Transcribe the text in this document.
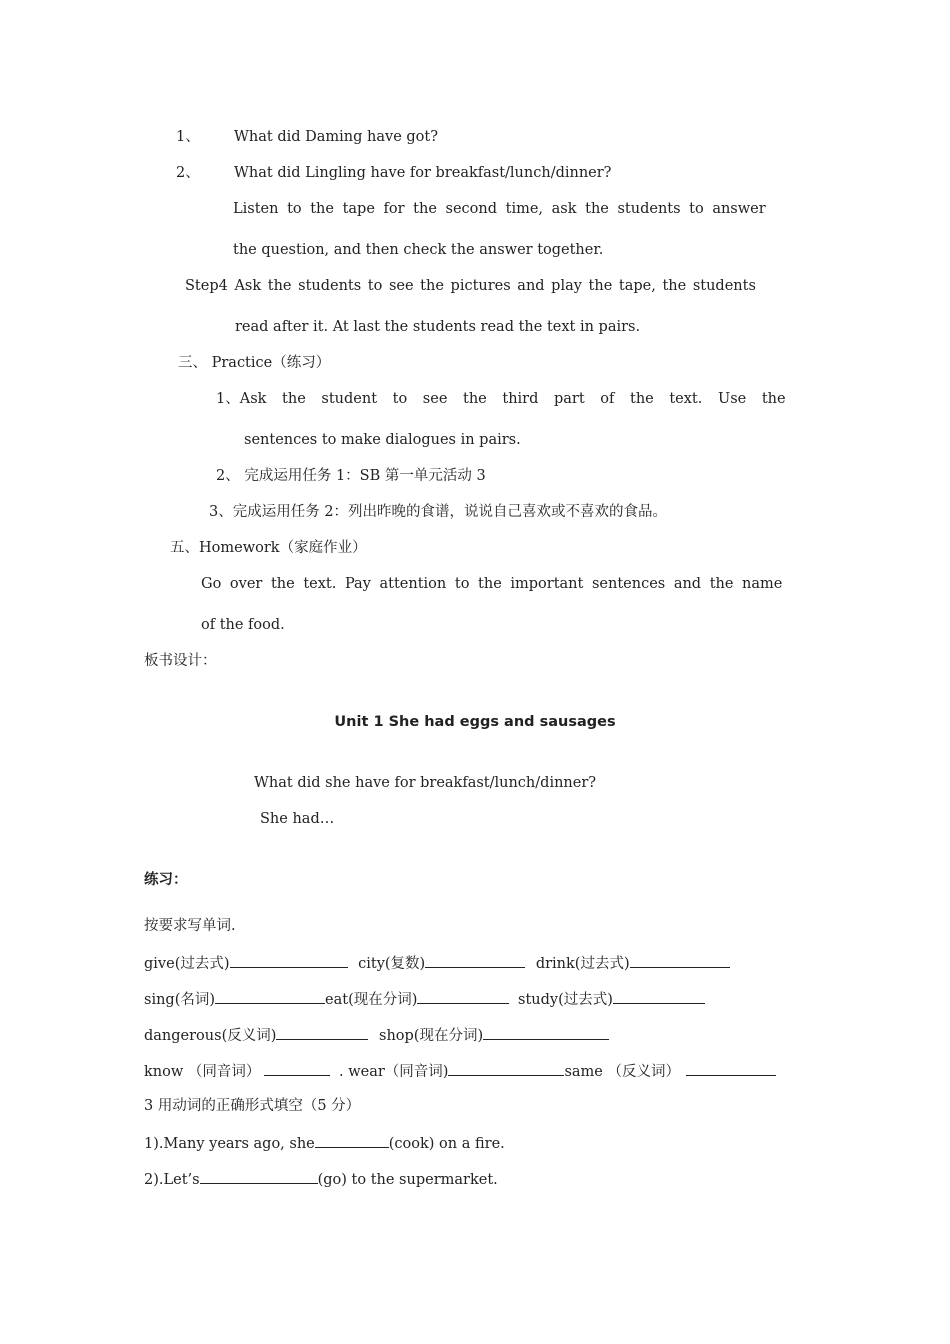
1、 What did Daming have got?
2、 What did Lingling have for breakfast/lunch/dinner?
Listen to the tape for the second time, ask the students to answer
the question, and then check the answer together.
Step4 Ask the students to see the pictures and play the tape, the students
read after it. At last the students read the text in pairs.
三、 Practice（练习）
1、Ask the student to see the third part of the text. Use the
sentences to make dialogues in pairs.
2、 完成运用任务 1：SB 第一单元活动 3
3、完成运用任务 2：列出昨晚的食谱，说说自己喜欢或不喜欢的食品。
五、Homework（家庭作业）
Go over the text. Pay attention to the important sentences and the name
of the food.
板书设计：
Unit 1 She had eggs and sausages
What did she have for breakfast/lunch/dinner?
She had…
练习：
按要求写单词.
give(过去式)	city(复数)	drink(过去式)
sing(名词)	eat(现在分词)	study(过去式)
dangerous(反义词)	shop(现在分词)
know （同音词）	. wear（同音词)	same （反义词）
3 用动词的正确形式填空（5 分）
1).Many years ago, she	(cook) on a fire.
2).Let’s	(go) to the supermarket.
